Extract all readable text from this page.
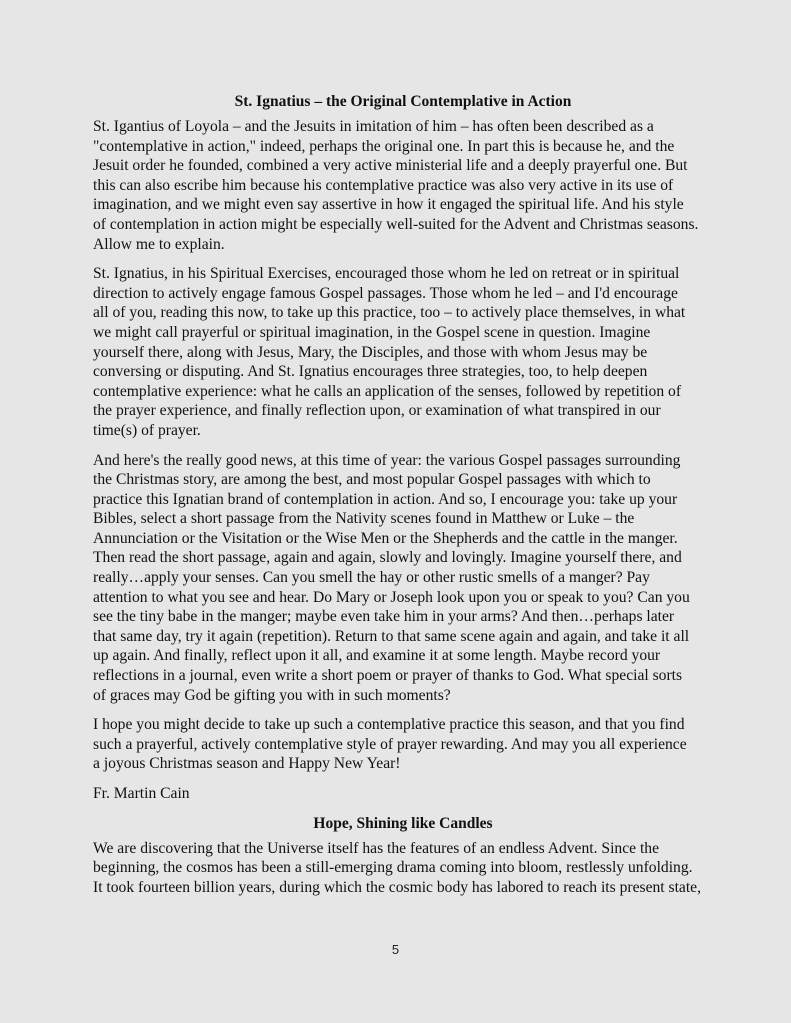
St. Ignatius – the Original Contemplative in Action
St. Igantius of Loyola – and the Jesuits in imitation of him – has often been described as a
"contemplative in action," indeed, perhaps the original one. In part this is because he, and the
Jesuit order he founded, combined a very active ministerial life and a deeply prayerful one. But
this can also escribe him because his contemplative practice was also very active in its use of
imagination, and we might even say assertive in how it engaged the spiritual life. And his style
of contemplation in action might be especially well-suited for the Advent and Christmas seasons.
Allow me to explain.
St. Ignatius, in his Spiritual Exercises, encouraged those whom he led on retreat or in spiritual
direction to actively engage famous Gospel passages. Those whom he led – and I'd encourage
all of you, reading this now, to take up this practice, too – to actively place themselves, in what
we might call prayerful or spiritual imagination, in the Gospel scene in question. Imagine
yourself there, along with Jesus, Mary, the Disciples, and those with whom Jesus may be
conversing or disputing. And St. Ignatius encourages three strategies, too, to help deepen
contemplative experience: what he calls an application of the senses, followed by repetition of
the prayer experience, and finally reflection upon, or examination of what transpired in our
time(s) of prayer.
And here's the really good news, at this time of year: the various Gospel passages surrounding
the Christmas story, are among the best, and most popular Gospel passages with which to
practice this Ignatian brand of contemplation in action. And so, I encourage you: take up your
Bibles, select a short passage from the Nativity scenes found in Matthew or Luke – the
Annunciation or the Visitation or the Wise Men or the Shepherds and the cattle in the manger.
Then read the short passage, again and again, slowly and lovingly. Imagine yourself there, and
really…apply your senses. Can you smell the hay or other rustic smells of a manger? Pay
attention to what you see and hear. Do Mary or Joseph look upon you or speak to you? Can you
see the tiny babe in the manger; maybe even take him in your arms? And then…perhaps later
that same day, try it again (repetition). Return to that same scene again and again, and take it all
up again. And finally, reflect upon it all, and examine it at some length. Maybe record your
reflections in a journal, even write a short poem or prayer of thanks to God. What special sorts
of graces may God be gifting you with in such moments?
I hope you might decide to take up such a contemplative practice this season, and that you find
such a prayerful, actively contemplative style of prayer rewarding. And may you all experience
a joyous Christmas season and Happy New Year!
Fr. Martin Cain
Hope, Shining like Candles
We are discovering that the Universe itself has the features of an endless Advent. Since the
beginning, the cosmos has been a still-emerging drama coming into bloom, restlessly unfolding.
It took fourteen billion years, during which the cosmic body has labored to reach its present state,
5
